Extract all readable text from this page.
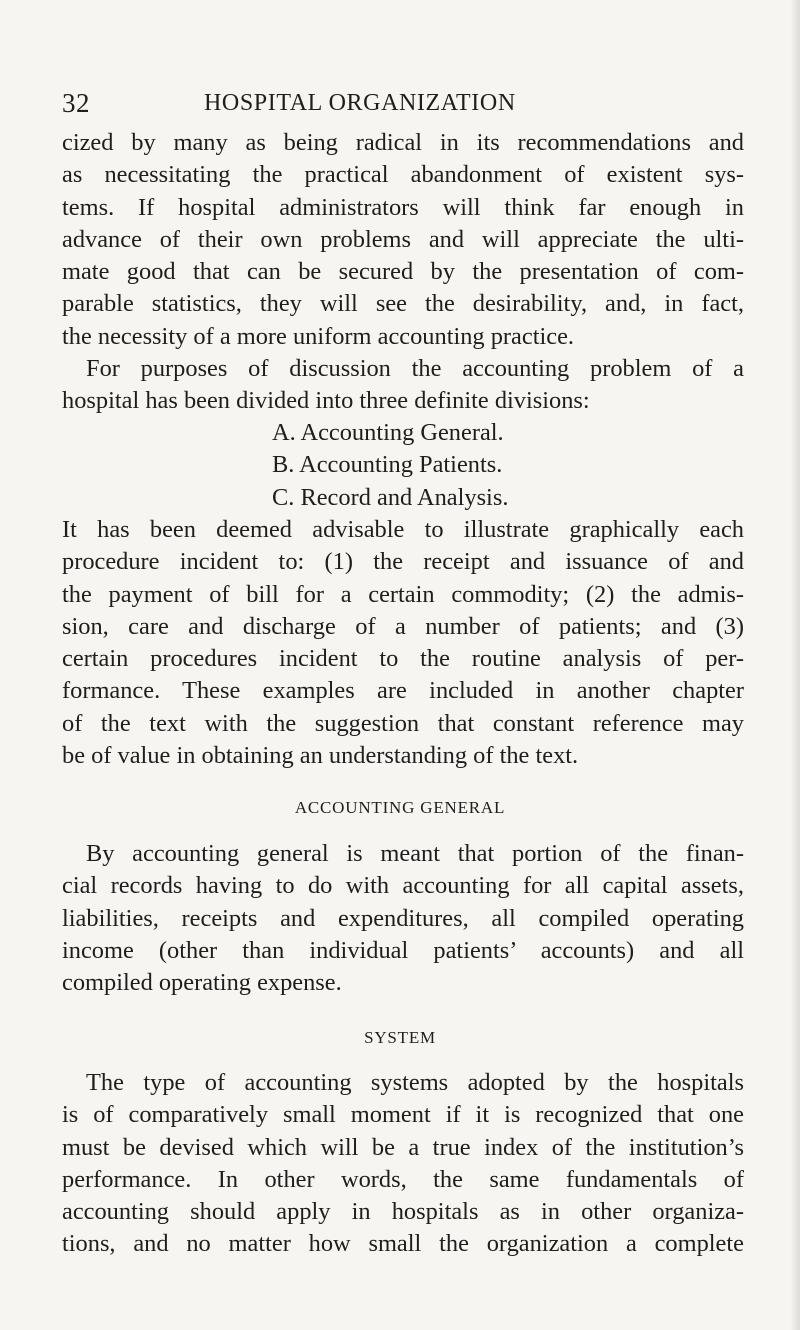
32	HOSPITAL ORGANIZATION

cized by many as being radical in its recommendations and

as necessitating the practical abandonment of existent sys-

tems. If hospital administrators will think far enough in

advance of their own problems and will appreciate the ulti-

mate good that can be secured by the presentation of com-

parable statistics, they will see the desirability, and, in fact,

the necessity of a more uniform accounting practice.

For purposes of discussion the accounting problem of a

hospital has been divided into three definite divisions:

A. Accounting General.
B. Accounting Patients.
C. Record and Analysis.

It has been deemed advisable to illustrate graphically each

procedure incident to: (1) the receipt and issuance of and

the payment of bill for a certain commodity; (2) the admis-

sion, care and discharge of a number of patients; and (3)

certain procedures incident to the routine analysis of per-

formance. These examples are included in another chapter

of the text with the suggestion that constant reference may

be of value in obtaining an understanding of the text.

ACCOUNTING GENERAL

By accounting general is meant that portion of the finan-

cial records having to do with accounting for all capital assets,

liabilities, receipts and expenditures, all compiled operating

income (other than individual patients’ accounts) and all

compiled operating expense.

SYSTEM

The type of accounting systems adopted by the hospitals

is of comparatively small moment if it is recognized that one

must be devised which will be a true index of the institution’s

performance. In other words, the same fundamentals of

accounting should apply in hospitals as in other organiza-

tions, and no matter how small the organization a complete
